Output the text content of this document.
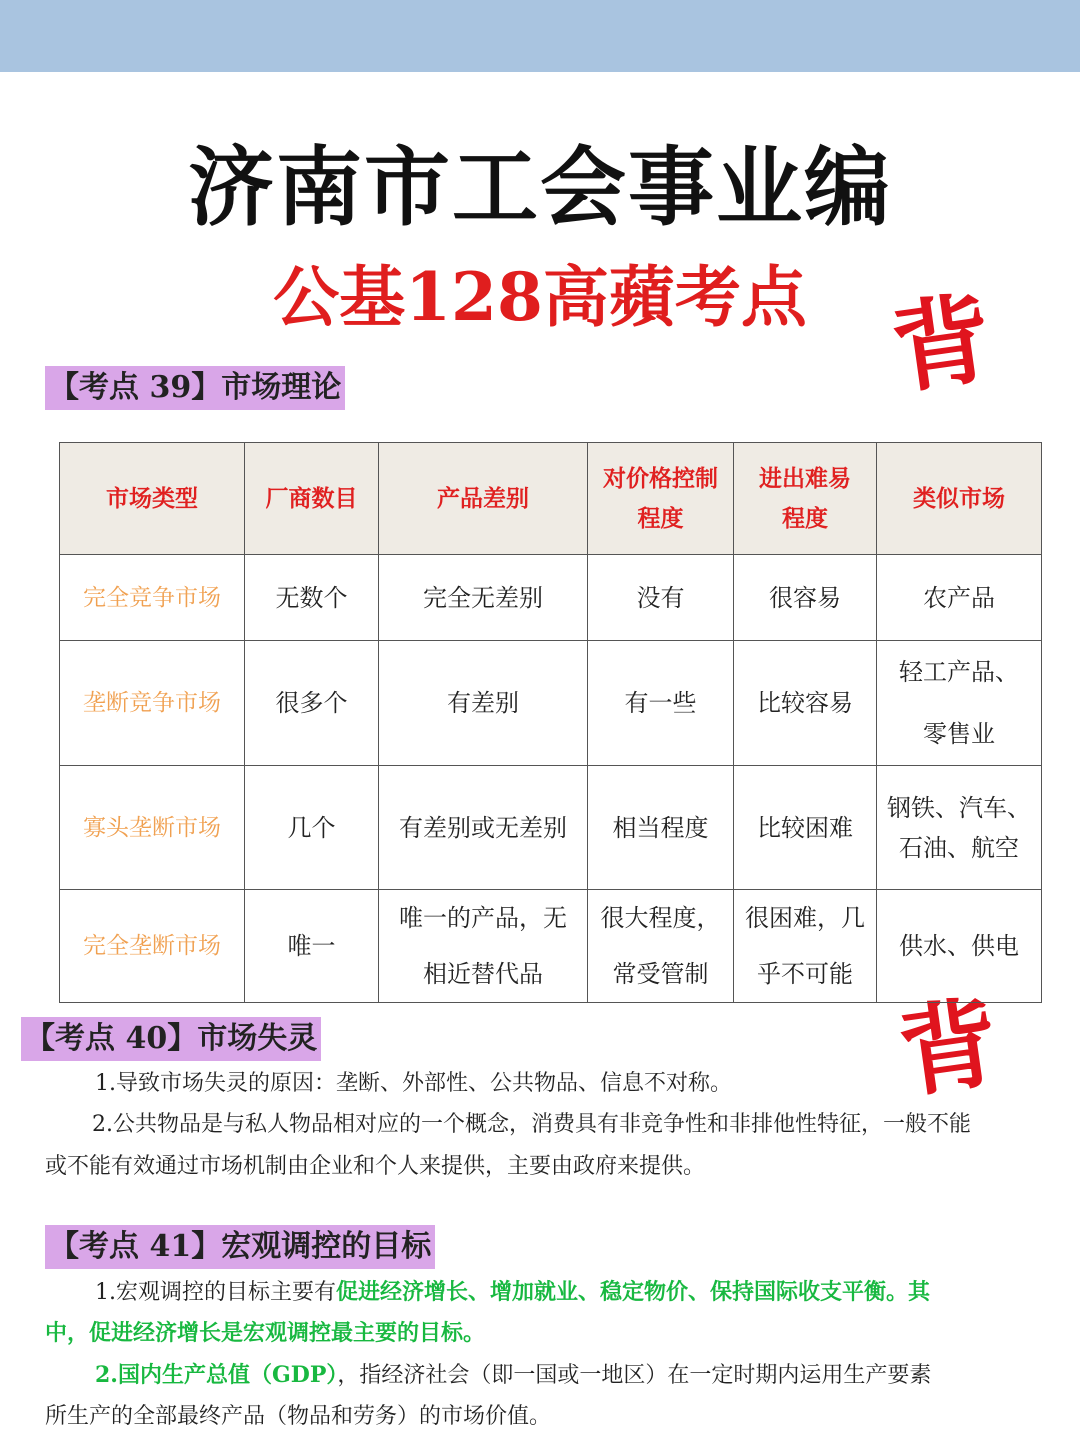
济南市工会事业编
公基128高蘋考点 背
背
【考点 39】市场理论
市场类型	厂商数目	产品差别	对价格控制程度	进出难易程度	类似市场
完全竞争市场	无数个	完全无差别	没有	很容易	农产品
垄断竞争市场	很多个	有差别	有一些	比较容易	轻工产品、零售业
寡头垄断市场	几个	有差别或无差别	相当程度	比较困难	钢铁、汽车、石油、航空
完全垄断市场	唯一	唯一的产品，无相近替代品	很大程度，常受管制	很困难，几乎不可能	供水、供电
【考点 40】市场失灵
1.导致市场失灵的原因：垄断、外部性、公共物品、信息不对称。
2.公共物品是与私人物品相对应的一个概念，消费具有非竞争性和非排他性特征，一般不能
或不能有效通过市场机制由企业和个人来提供，主要由政府来提供。
【考点 41】宏观调控的目标
1.宏观调控的目标主要有促进经济增长、增加就业、稳定物价、保持国际收支平衡。其
中，促进经济增长是宏观调控最主要的目标。
2.国内生产总值（GDP），指经济社会（即一国或一地区）在一定时期内运用生产要素
所生产的全部最终产品（物品和劳务）的市场价值。
